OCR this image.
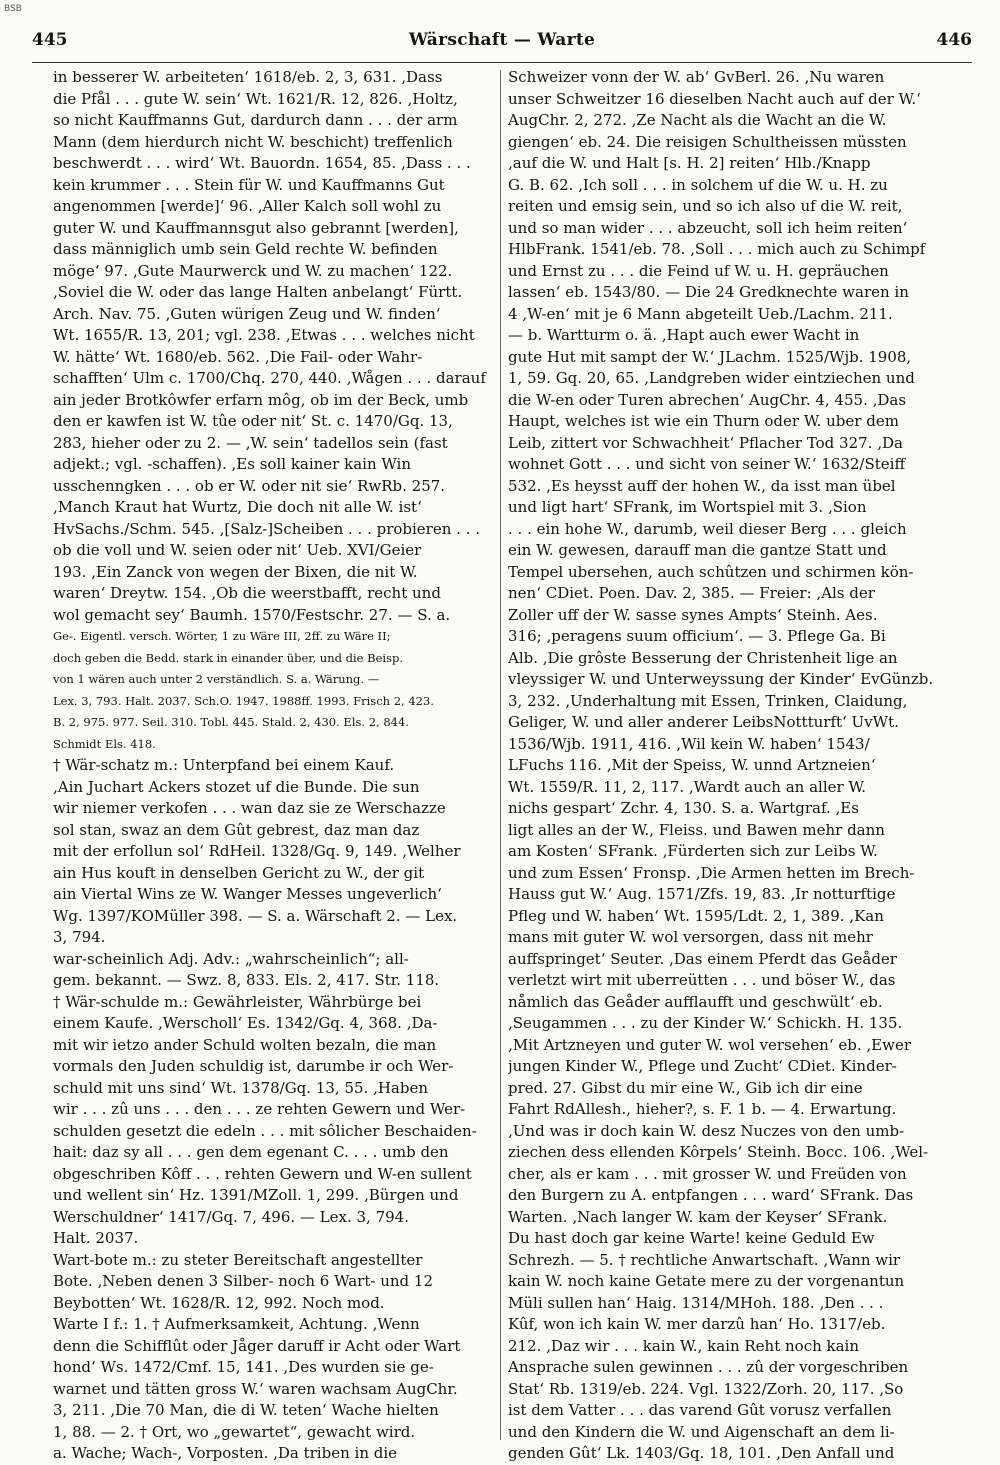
BSB
445	Wärschaft — Warte	446
in besserer W. arbeiteten‘ 1618/eb. 2, 3, 631. ‚Dass
die Pfål . . . gute W. sein‘ Wt. 1621/R. 12, 826. ‚Holtz,
so nicht Kauffmanns Gut, dardurch dann . . . der arm
Mann (dem hierdurch nicht W. beschicht) treffenlich
beschwerdt . . . wird‘ Wt. Bauordn. 1654, 85. ‚Dass . . .
kein krummer . . . Stein für W. und Kauffmanns Gut
angenommen [werde]‘ 96. ‚Aller Kalch soll wohl zu
guter W. und Kauffmannsgut also gebrannt [werden],
dass männiglich umb sein Geld rechte W. befinden
möge‘ 97. ‚Gute Maurwerck und W. zu machen‘ 122.
‚Soviel die W. oder das lange Halten anbelangt‘ Fürtt.
Arch. Nav. 75. ‚Guten würigen Zeug und W. finden‘
Wt. 1655/R. 13, 201; vgl. 238. ‚Etwas . . . welches nicht
W. hätte‘ Wt. 1680/eb. 562. ‚Die Fail- oder Wahr-
schafften‘ Ulm c. 1700/Chq. 270, 440. ‚Wågen . . . darauf
ain jeder Brotkôwfer erfarn môg, ob im der Beck, umb
den er kawfen ist W. tûe oder nit‘ St. c. 1470/Gq. 13,
283, hieher oder zu 2. — ‚W. sein‘ tadellos sein (fast
adjekt.; vgl. -schaffen). ‚Es soll kainer kain Win
usschenngken . . . ob er W. oder nit sie‘ RwRb. 257.
‚Manch Kraut hat Wurtz, Die doch nit alle W. ist‘
HvSachs./Schm. 545. ‚[Salz-]Scheiben . . . probieren . . .
ob die voll und W. seien oder nit‘ Ueb. XVI/Geier
193. ‚Ein Zanck von wegen der Bixen, die nit W.
waren‘ Dreytw. 154. ‚Ob die weerstbafft, recht und
wol gemacht sey‘ Baumh. 1570/Festschr. 27. — S. a.
Ge-. Eigentl. versch. Wörter, 1 zu Wäre III, 2ff. zu Wäre II;
doch geben die Bedd. stark in einander über, und die Beisp.
von 1 wären auch unter 2 verständlich. S. a. Wärung. —
Lex. 3, 793. Halt. 2037. Sch.O. 1947. 1988ff. 1993. Frisch 2, 423.
B. 2, 975. 977. Seil. 310. Tobl. 445. Stald. 2, 430. Els. 2, 844.
Schmidt Els. 418.
† Wär-schatz m.: Unterpfand bei einem Kauf.
‚Ain Juchart Ackers stozet uf die Bunde. Die sun
wir niemer verkofen . . . wan daz sie ze Werschazze
sol stan, swaz an dem Gût gebrest, daz man daz
mit der erfollun sol‘ RdHeil. 1328/Gq. 9, 149. ‚Welher
ain Hus kouft in denselben Gericht zu W., der git
ain Viertal Wins ze W. Wanger Messes ungeverlich‘
Wg. 1397/KOMüller 398. — S. a. Wärschaft 2. — Lex.
3, 794.
war-scheinlich Adj. Adv.: „wahrscheinlich“; all-
gem. bekannt. — Swz. 8, 833. Els. 2, 417. Str. 118.
† Wär-schulde m.: Gewährleister, Währbürge bei
einem Kaufe. ‚Werscholl‘ Es. 1342/Gq. 4, 368. ‚Da-
mit wir ietzo ander Schuld wolten bezaln, die man
vormals den Juden schuldig ist, darumbe ir och Wer-
schuld mit uns sind‘ Wt. 1378/Gq. 13, 55. ‚Haben
wir . . . zû uns . . . den . . . ze rehten Gewern und Wer-
schulden gesetzt die edeln . . . mit sôlicher Beschaiden-
hait: daz sy all . . . gen dem egenant C. . . . umb den
obgeschriben Kôff . . . rehten Gewern und W-en sullent
und wellent sin‘ Hz. 1391/MZoll. 1, 299. ‚Bürgen und
Werschuldner‘ 1417/Gq. 7, 496. — Lex. 3, 794.
Halt. 2037.
Wart-bote m.: zu steter Bereitschaft angestellter
Bote. ‚Neben denen 3 Silber- noch 6 Wart- und 12
Beybotten‘ Wt. 1628/R. 12, 992. Noch mod.
Warte I f.: 1. † Aufmerksamkeit, Achtung. ‚Wenn
denn die Schifflût oder Jåger daruff ir Acht oder Wart
hond‘ Ws. 1472/Cmf. 15, 141. ‚Des wurden sie ge-
warnet und tätten gross W.‘ waren wachsam AugChr.
3, 211. ‚Die 70 Man, die di W. teten‘ Wache hielten
1, 88. — 2. † Ort, wo „gewartet“, gewacht wird.
a. Wache; Wach-, Vorposten. ‚Da triben in die
Schweizer vonn der W. ab‘ GvBerl. 26. ‚Nu waren
unser Schweitzer 16 dieselben Nacht auch auf der W.‘
AugChr. 2, 272. ‚Ze Nacht als die Wacht an die W.
giengen‘ eb. 24. Die reisigen Schultheissen müssten
‚auf die W. und Halt [s. H. 2] reiten‘ Hlb./Knapp
G. B. 62. ‚Ich soll . . . in solchem uf die W. u. H. zu
reiten und emsig sein, und so ich also uf die W. reit,
und so man wider . . . abzeucht, soll ich heim reiten‘
HlbFrank. 1541/eb. 78. ‚Soll . . . mich auch zu Schimpf
und Ernst zu . . . die Feind uf W. u. H. gepräuchen
lassen‘ eb. 1543/80. — Die 24 Gredknechte waren in
4 ‚W-en‘ mit je 6 Mann abgeteilt Ueb./Lachm. 211.
— b. Wartturm o. ä. ‚Hapt auch ewer Wacht in
gute Hut mit sampt der W.‘ JLachm. 1525/Wjb. 1908,
1, 59. Gq. 20, 65. ‚Landgreben wider eintziechen und
die W-en oder Turen abrechen‘ AugChr. 4, 455. ‚Das
Haupt, welches ist wie ein Thurn oder W. uber dem
Leib, zittert vor Schwachheit‘ Pflacher Tod 327. ‚Da
wohnet Gott . . . und sicht von seiner W.‘ 1632/Steiff
532. ‚Es heysst auff der hohen W., da isst man übel
und ligt hart‘ SFrank, im Wortspiel mit 3. ‚Sion
. . . ein hohe W., darumb, weil dieser Berg . . . gleich
ein W. gewesen, darauff man die gantze Statt und
Tempel ubersehen, auch schûtzen und schirmen kön-
nen‘ CDiet. Poen. Dav. 2, 385. — Freier: ‚Als der
Zoller uff der W. sasse synes Ampts‘ Steinh. Aes.
316; ‚peragens suum officium‘. — 3. Pflege Ga. Bi
Alb. ‚Die grôste Besserung der Christenheit lige an
vleyssiger W. und Unterweyssung der Kinder‘ EvGünzb.
3, 232. ‚Underhaltung mit Essen, Trinken, Claidung,
Geliger, W. und aller anderer LeibsNottturft‘ UvWt.
1536/Wjb. 1911, 416. ‚Wil kein W. haben‘ 1543/
LFuchs 116. ‚Mit der Speiss, W. unnd Artzneien‘
Wt. 1559/R. 11, 2, 117. ‚Wardt auch an aller W.
nichs gespart‘ Zchr. 4, 130. S. a. Wartgraf. ‚Es
ligt alles an der W., Fleiss. und Bawen mehr dann
am Kosten‘ SFrank. ‚Fürderten sich zur Leibs W.
und zum Essen‘ Fronsp. ‚Die Armen hetten im Brech-
Hauss gut W.‘ Aug. 1571/Zfs. 19, 83. ‚Ir notturftige
Pfleg und W. haben‘ Wt. 1595/Ldt. 2, 1, 389. ‚Kan
mans mit guter W. wol versorgen, dass nit mehr
auffspringet‘ Seuter. ‚Das einem Pferdt das Geåder
verletzt wirt mit uberreütten . . . und böser W., das
nåmlich das Geåder aufflaufft und geschwült‘ eb.
‚Seugammen . . . zu der Kinder W.‘ Schickh. H. 135.
‚Mit Artzneyen und guter W. wol versehen‘ eb. ‚Ewer
jungen Kinder W., Pflege und Zucht‘ CDiet. Kinder-
pred. 27. Gibst du mir eine W., Gib ich dir eine
Fahrt RdAllesh., hieher?, s. F. 1 b. — 4. Erwartung.
‚Und was ir doch kain W. desz Nuczes von den umb-
ziechen dess ellenden Kôrpels‘ Steinh. Bocc. 106. ‚Wel-
cher, als er kam . . . mit grosser W. und Freüden von
den Burgern zu A. entpfangen . . . ward‘ SFrank. Das
Warten. ‚Nach langer W. kam der Keyser‘ SFrank.
Du hast doch gar keine Warte! keine Geduld Ew
Schrezh. — 5. † rechtliche Anwartschaft. ‚Wann wir
kain W. noch kaine Getate mere zu der vorgenantun
Müli sullen han‘ Haig. 1314/MHoh. 188. ‚Den . . .
Kûf, won ich kain W. mer darzû han‘ Ho. 1317/eb.
212. ‚Daz wir . . . kain W., kain Reht noch kain
Ansprache sulen gewinnen . . . zû der vorgeschriben
Stat‘ Rb. 1319/eb. 224. Vgl. 1322/Zorh. 20, 117. ‚So
ist dem Vatter . . . das varend Gût vorusz verfallen
und den Kindern die W. und Aigenschaft an dem li-
genden Gût‘ Lk. 1403/Gq. 18, 101. ‚Den Anfall und
